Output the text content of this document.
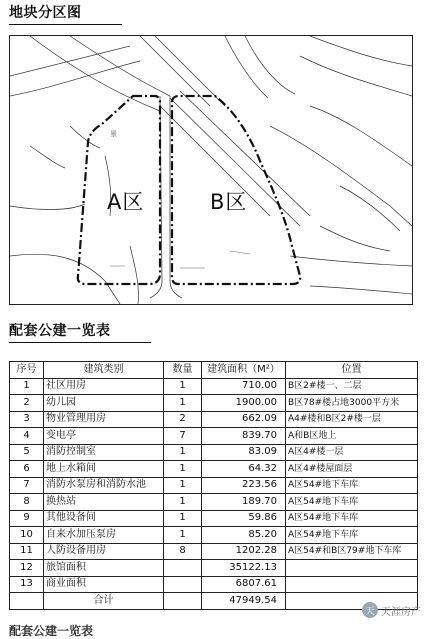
地块分区图
A区	B区
景
配套公建一览表
序号	建筑类别	数量	建筑面积（M²）	位置
1	社区用房	1	710.00	B区2#楼一、二层
2	幼儿园	1	1900.00	B区78#楼占地3000平方米
3	物业管理用房	2	662.09	A4#楼和B区2#楼一层
4	变电亭	7	839.70	A和B区地上
5	消防控制室	1	83.09	A区4#楼一层
6	地上水箱间	1	64.32	A区4#楼屋面层
7	消防水泵房和消防水池	1	223.56	A区54#地下车库
8	换热站	1	189.70	A区54#地下车库
9	其他设备间	1	59.86	A区54#地下车库
10	自来水加压泵房	1	85.20	A区54#地下车库
11	人防设备用房	8	1202.28	A区54#和B区79#地下车库
12	旅馆面积		35122.13	
13	商业面积		6807.61	
	合计		47949.54	
配套公建一览表
天 天涯房产
